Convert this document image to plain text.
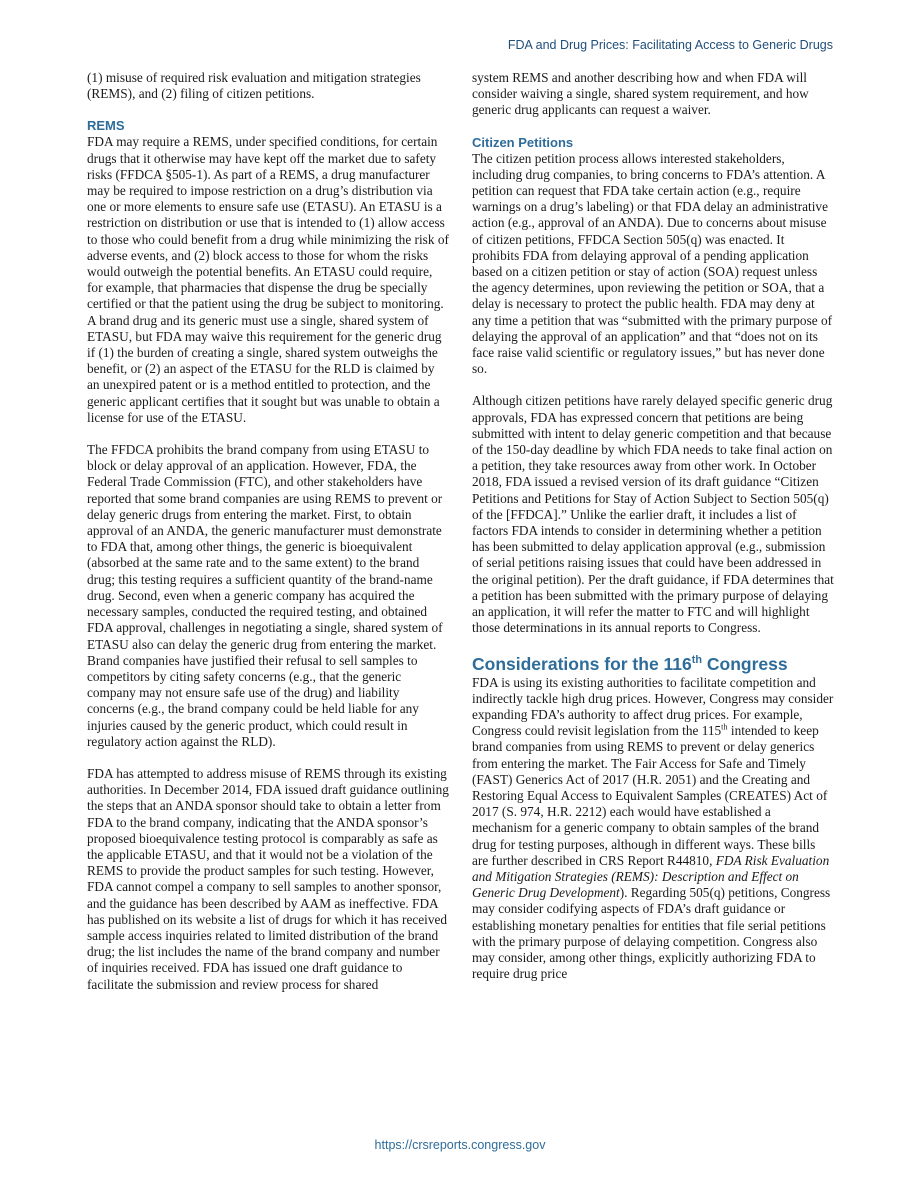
FDA and Drug Prices: Facilitating Access to Generic Drugs

(1) misuse of required risk evaluation and mitigation strategies (REMS), and (2) filing of citizen petitions.

REMS

FDA may require a REMS, under specified conditions, for certain drugs that it otherwise may have kept off the market due to safety risks (FFDCA §505-1). As part of a REMS, a drug manufacturer may be required to impose restriction on a drug’s distribution via one or more elements to ensure safe use (ETASU). An ETASU is a restriction on distribution or use that is intended to (1) allow access to those who could benefit from a drug while minimizing the risk of adverse events, and (2) block access to those for whom the risks would outweigh the potential benefits. An ETASU could require, for example, that pharmacies that dispense the drug be specially certified or that the patient using the drug be subject to monitoring. A brand drug and its generic must use a single, shared system of ETASU, but FDA may waive this requirement for the generic drug if (1) the burden of creating a single, shared system outweighs the benefit, or (2) an aspect of the ETASU for the RLD is claimed by an unexpired patent or is a method entitled to protection, and the generic applicant certifies that it sought but was unable to obtain a license for use of the ETASU.

The FFDCA prohibits the brand company from using ETASU to block or delay approval of an application. However, FDA, the Federal Trade Commission (FTC), and other stakeholders have reported that some brand companies are using REMS to prevent or delay generic drugs from entering the market. First, to obtain approval of an ANDA, the generic manufacturer must demonstrate to FDA that, among other things, the generic is bioequivalent (absorbed at the same rate and to the same extent) to the brand drug; this testing requires a sufficient quantity of the brand-name drug. Second, even when a generic company has acquired the necessary samples, conducted the required testing, and obtained FDA approval, challenges in negotiating a single, shared system of ETASU also can delay the generic drug from entering the market. Brand companies have justified their refusal to sell samples to competitors by citing safety concerns (e.g., that the generic company may not ensure safe use of the drug) and liability concerns (e.g., the brand company could be held liable for any injuries caused by the generic product, which could result in regulatory action against the RLD).

FDA has attempted to address misuse of REMS through its existing authorities. In December 2014, FDA issued draft guidance outlining the steps that an ANDA sponsor should take to obtain a letter from FDA to the brand company, indicating that the ANDA sponsor’s proposed bioequivalence testing protocol is comparably as safe as the applicable ETASU, and that it would not be a violation of the REMS to provide the product samples for such testing. However, FDA cannot compel a company to sell samples to another sponsor, and the guidance has been described by AAM as ineffective. FDA has published on its website a list of drugs for which it has received sample access inquiries related to limited distribution of the brand drug; the list includes the name of the brand company and number of inquiries received. FDA has issued one draft guidance to facilitate the submission and review process for shared

system REMS and another describing how and when FDA will consider waiving a single, shared system requirement, and how generic drug applicants can request a waiver.

Citizen Petitions

The citizen petition process allows interested stakeholders, including drug companies, to bring concerns to FDA’s attention. A petition can request that FDA take certain action (e.g., require warnings on a drug’s labeling) or that FDA delay an administrative action (e.g., approval of an ANDA). Due to concerns about misuse of citizen petitions, FFDCA Section 505(q) was enacted. It prohibits FDA from delaying approval of a pending application based on a citizen petition or stay of action (SOA) request unless the agency determines, upon reviewing the petition or SOA, that a delay is necessary to protect the public health. FDA may deny at any time a petition that was “submitted with the primary purpose of delaying the approval of an application” and that “does not on its face raise valid scientific or regulatory issues,” but has never done so.

Although citizen petitions have rarely delayed specific generic drug approvals, FDA has expressed concern that petitions are being submitted with intent to delay generic competition and that because of the 150-day deadline by which FDA needs to take final action on a petition, they take resources away from other work. In October 2018, FDA issued a revised version of its draft guidance “Citizen Petitions and Petitions for Stay of Action Subject to Section 505(q) of the [FFDCA].” Unlike the earlier draft, it includes a list of factors FDA intends to consider in determining whether a petition has been submitted to delay application approval (e.g., submission of serial petitions raising issues that could have been addressed in the original petition). Per the draft guidance, if FDA determines that a petition has been submitted with the primary purpose of delaying an application, it will refer the matter to FTC and will highlight those determinations in its annual reports to Congress.

Considerations for the 116th Congress

FDA is using its existing authorities to facilitate competition and indirectly tackle high drug prices. However, Congress may consider expanding FDA’s authority to affect drug prices. For example, Congress could revisit legislation from the 115th intended to keep brand companies from using REMS to prevent or delay generics from entering the market. The Fair Access for Safe and Timely (FAST) Generics Act of 2017 (H.R. 2051) and the Creating and Restoring Equal Access to Equivalent Samples (CREATES) Act of 2017 (S. 974, H.R. 2212) each would have established a mechanism for a generic company to obtain samples of the brand drug for testing purposes, although in different ways. These bills are further described in CRS Report R44810, FDA Risk Evaluation and Mitigation Strategies (REMS): Description and Effect on Generic Drug Development). Regarding 505(q) petitions, Congress may consider codifying aspects of FDA’s draft guidance or establishing monetary penalties for entities that file serial petitions with the primary purpose of delaying competition. Congress also may consider, among other things, explicitly authorizing FDA to require drug price

https://crsreports.congress.gov
